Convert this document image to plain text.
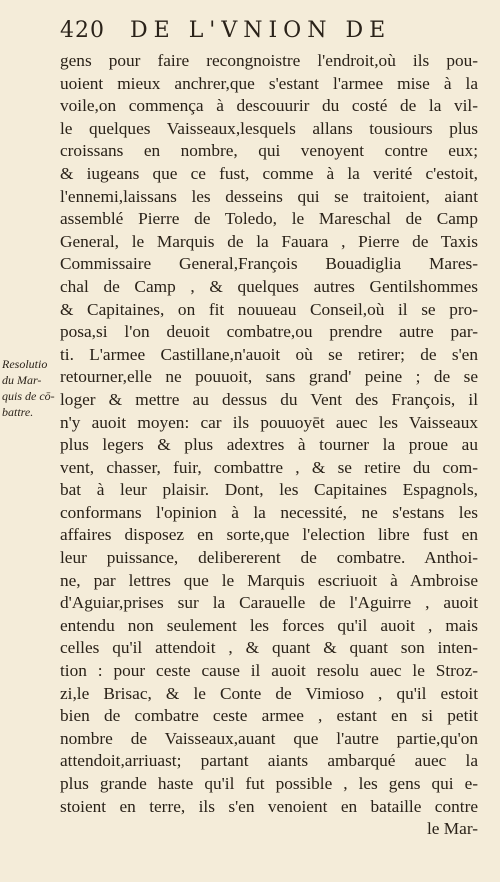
420 DE L'VNION DE
Resolutio
du Mar-
quis de cō-
battre.
gens pour faire recongnoistre l'endroit,où ils pou-
uoient mieux anchrer,que s'estant l'armee mise à la
voile,on commença à descouurir du costé de la vil-
le quelques Vaisseaux,lesquels allans tousiours plus
croissans en nombre, qui venoyent contre eux;
& iugeans que ce fust, comme à la verité c'estoit,
l'ennemi,laissans les desseins qui se traitoient, aiant
assemblé Pierre de Toledo, le Mareschal de Camp
General, le Marquis de la Fauara , Pierre de Taxis
Commissaire General,François Bouadiglia Mares-
chal de Camp , & quelques autres Gentilshommes
& Capitaines, on fit nouueau Conseil,où il se pro-
posa,si l'on deuoit combatre,ou prendre autre par-
ti. L'armee Castillane,n'auoit où se retirer; de s'en
retourner,elle ne pouuoit, sans grand' peine ; de se
loger & mettre au dessus du Vent des François, il
n'y auoit moyen: car ils pouuoyēt auec les Vaisseaux
plus legers & plus adextres à tourner la proue au
vent, chasser, fuir, combattre , & se retire du com-
bat à leur plaisir. Dont, les Capitaines Espagnols,
conformans l'opinion à la necessité, ne s'estans les
affaires disposez en sorte,que l'election libre fust en
leur puissance, delibererent de combatre. Anthoi-
ne, par lettres que le Marquis escriuoit à Ambroise
d'Aguiar,prises sur la Carauelle de l'Aguirre , auoit
entendu non seulement les forces qu'il auoit , mais
celles qu'il attendoit , & quant & quant son inten-
tion : pour ceste cause il auoit resolu auec le Stroz-
zi,le Brisac, & le Conte de Vimioso , qu'il estoit
bien de combatre ceste armee , estant en si petit
nombre de Vaisseaux,auant que l'autre partie,qu'on
attendoit,arriuast; partant aiants ambarqué auec la
plus grande haste qu'il fut possible , les gens qui e-
stoient en terre, ils s'en venoient en bataille contre
le Mar-
